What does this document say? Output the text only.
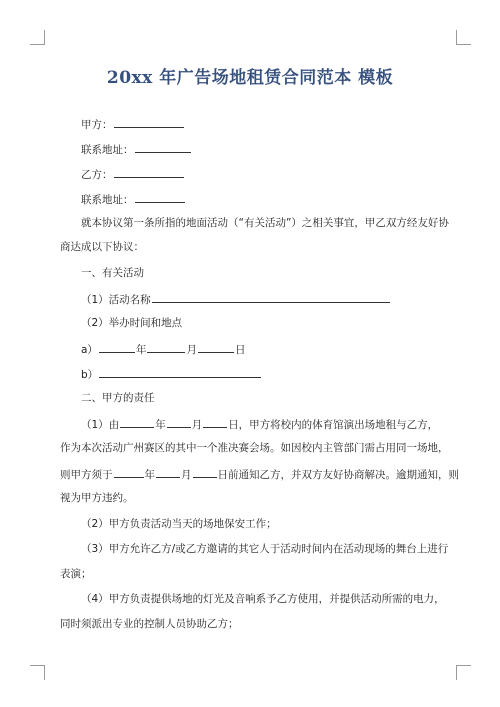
20xx 年广告场地租赁合同范本 模板
甲方：
联系地址：
乙方：
联系地址：
就本协议第一条所指的地面活动（“有关活动”）之相关事宜，甲乙双方经友好协
商达成以下协议：
一、有关活动
（1）活动名称
（2）举办时间和地点
a）	年	月	日
b）
二、甲方的责任
（1）由	年 月 日，甲方将校内的体育馆演出场地租与乙方，
作为本次活动广州赛区的其中一个准决赛会场。如因校内主管部门需占用同一场地，
则甲方须于	年 月 日前通知乙方，并双方友好协商解决。逾期通知，则
视为甲方违约。
（2）甲方负责活动当天的场地保安工作；
（3）甲方允许乙方/或乙方邀请的其它人于活动时间内在活动现场的舞台上进行
表演；
（4）甲方负责提供场地的灯光及音响系予乙方使用，并提供活动所需的电力，
同时须派出专业的控制人员协助乙方；
